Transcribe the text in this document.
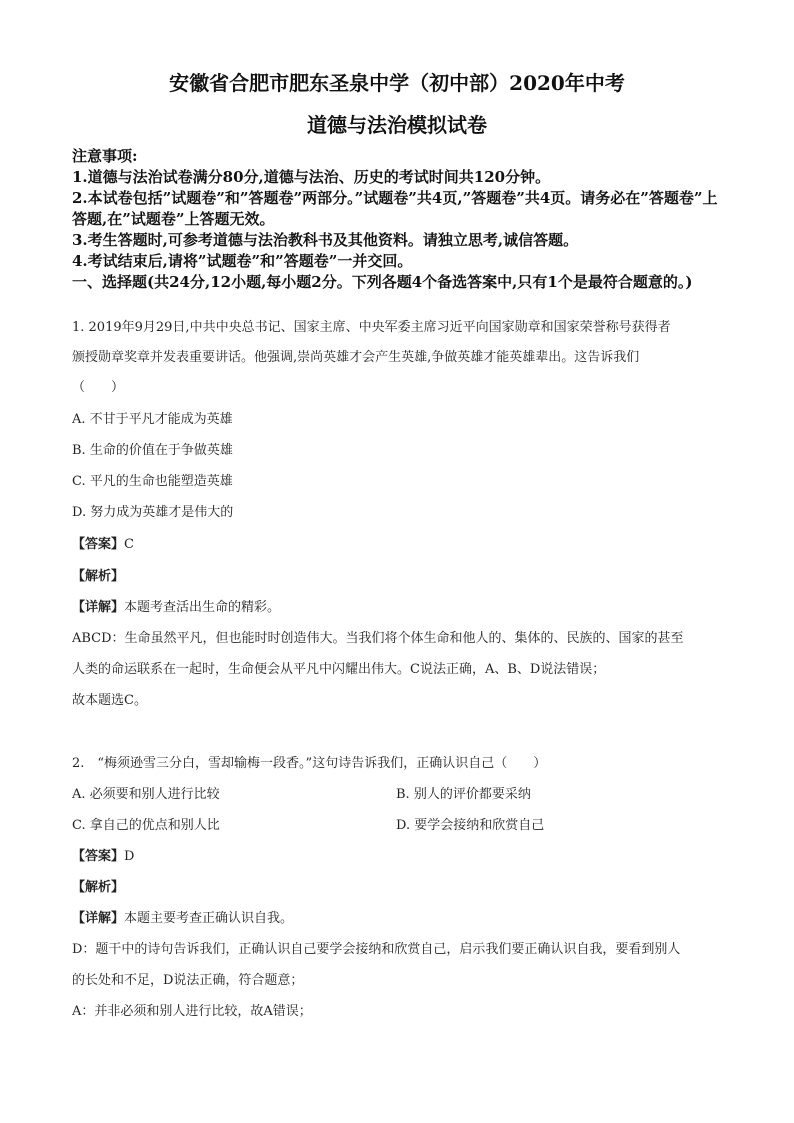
安徽省合肥市肥东圣泉中学（初中部）2020年中考
道德与法治模拟试卷
注意事项:
1.道德与法治试卷满分80分,道德与法治、历史的考试时间共120分钟。
2.本试卷包括”试题卷”和”答题卷”两部分。”试题卷”共4页,”答题卷”共4页。请务必在”答题卷”上答题,在”试题卷”上答题无效。
3.考生答题时,可参考道德与法治教科书及其他资料。请独立思考,诚信答题。
4.考试结束后,请将”试题卷”和”答题卷”一并交回。
一、选择题(共24分,12小题,每小题2分。下列各题4个备选答案中,只有1个是最符合题意的。)
1. 2019年9月29日,中共中央总书记、国家主席、中央军委主席习近平向国家勋章和国家荣誉称号获得者
颁授勋章奖章并发表重要讲话。他强调,崇尚英雄才会产生英雄,争做英雄才能英雄辈出。这告诉我们
（　　）
A. 不甘于平凡才能成为英雄
B. 生命的价值在于争做英雄
C. 平凡的生命也能塑造英雄
D. 努力成为英雄才是伟大的
【答案】C
【解析】
【详解】本题考查活出生命的精彩。
ABCD：生命虽然平凡，但也能时时创造伟大。当我们将个体生命和他人的、集体的、民族的、国家的甚至
人类的命运联系在一起时，生命便会从平凡中闪耀出伟大。C说法正确，A、B、D说法错误；
故本题选C。
2.　“梅须逊雪三分白，雪却输梅一段香。”这句诗告诉我们，正确认识自己（　　）
A. 必须要和别人进行比较	B. 别人的评价都要采纳
C. 拿自己的优点和别人比	D. 要学会接纳和欣赏自己
【答案】D
【解析】
【详解】本题主要考查正确认识自我。
D：题干中的诗句告诉我们，正确认识自己要学会接纳和欣赏自己，启示我们要正确认识自我，要看到别人
的长处和不足，D说法正确，符合题意；
A：并非必须和别人进行比较，故A错误；
